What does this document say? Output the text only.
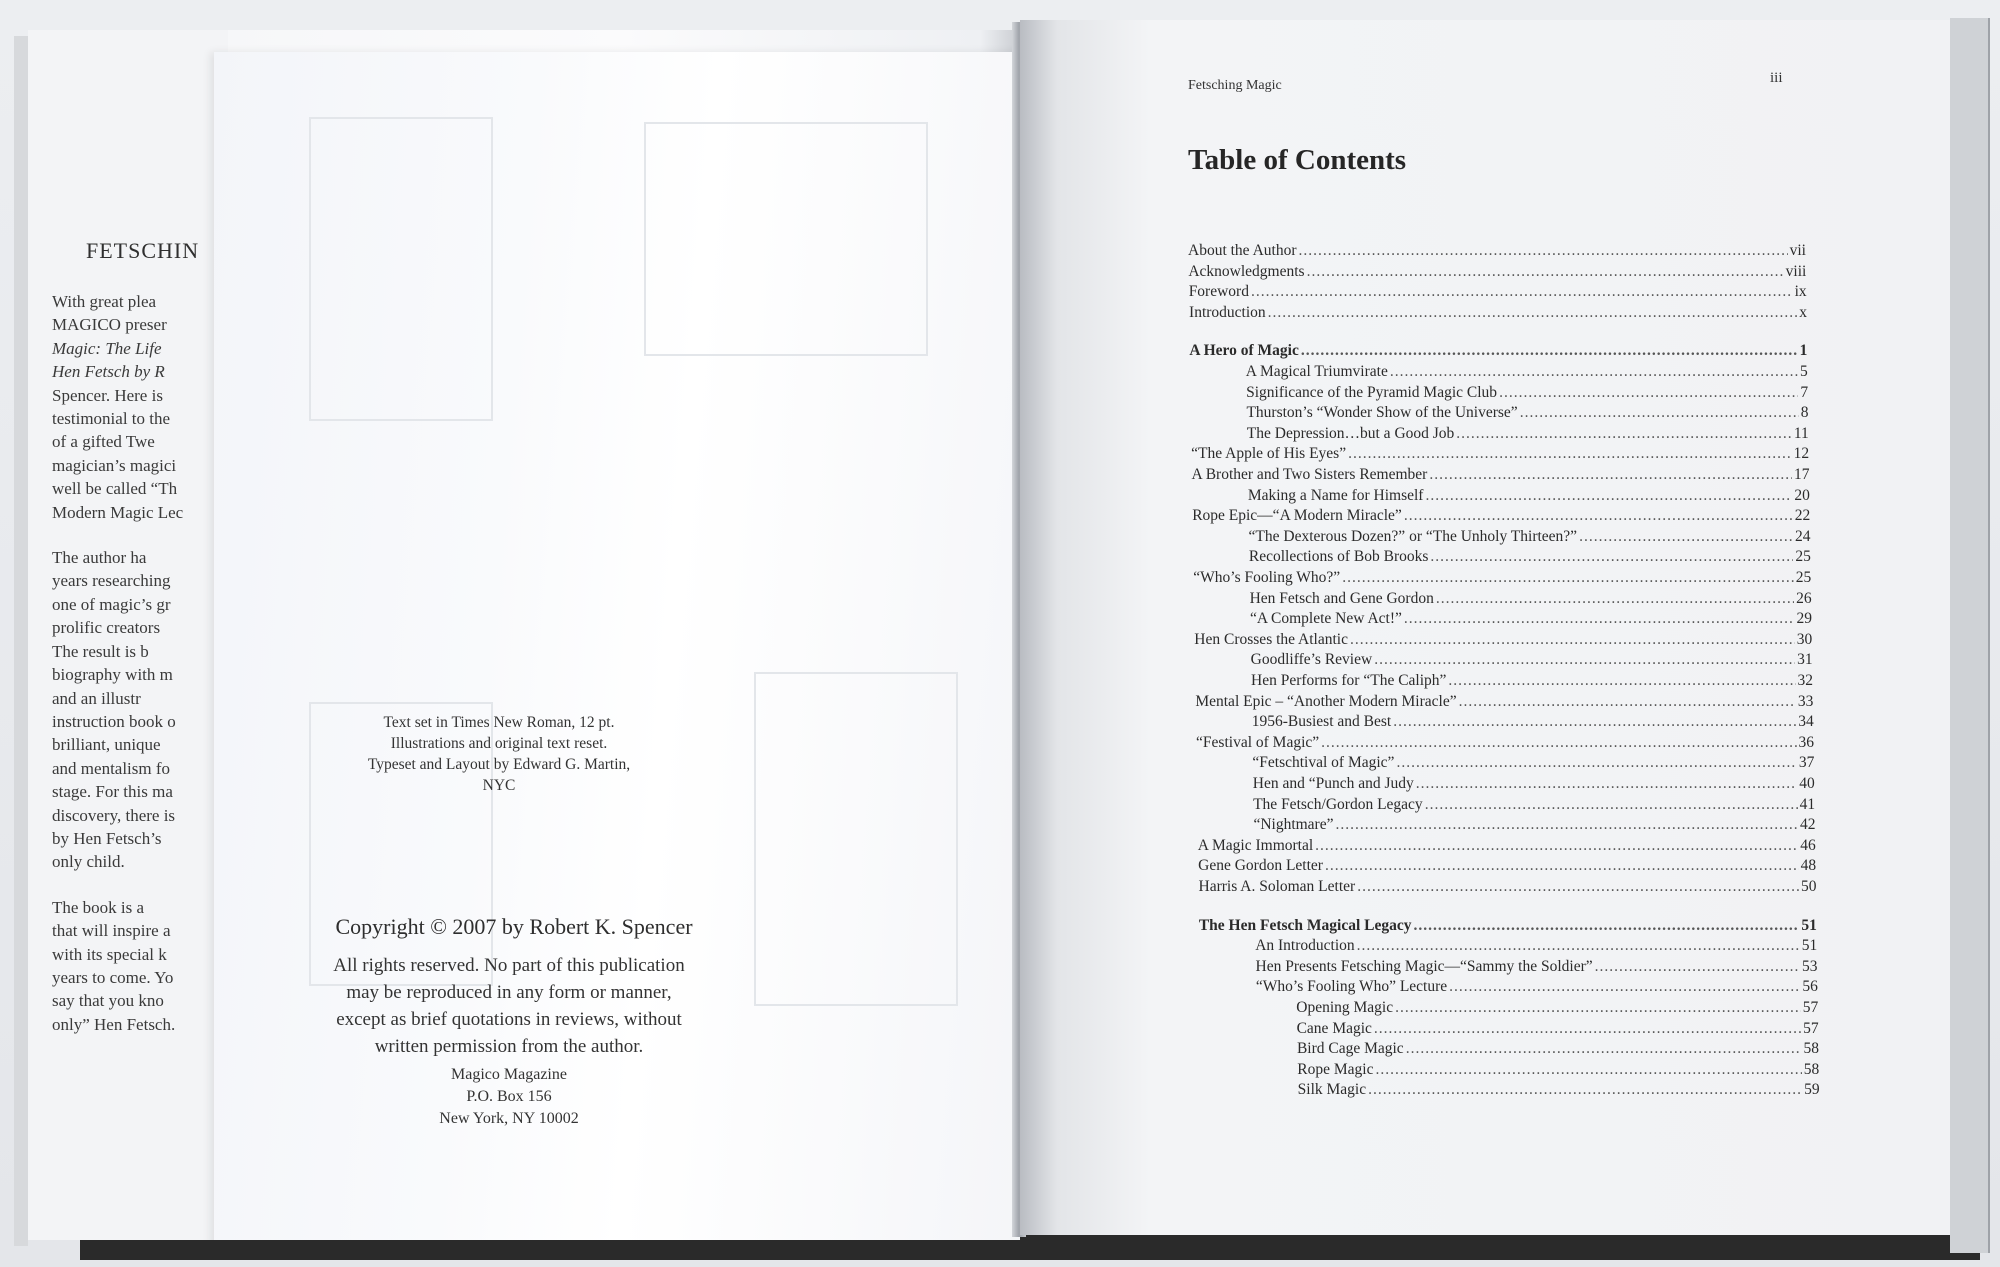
FETSCHIN

With great plea
MAGICO preser
Magic: The Life
Hen Fetsch by R
Spencer. Here is
testimonial to the
of a gifted Twe
magician’s magici
well be called “Th
Modern Magic Lec

The author ha
years researching
one of magic’s gr
prolific creators
The result is b
biography with m
and an illustr
instruction book o
brilliant, unique
and mentalism fo
stage. For this ma
discovery, there is
by Hen Fetsch’s
only child.

The book is a
that will inspire a
with its special k
years to come. Yo
say that you kno
only” Hen Fetsch.

Text set in Times New Roman, 12 pt.
Illustrations and original text reset.
Typeset and Layout by Edward G. Martin, NYC
Copyright © 2007 by Robert K. Spencer
All rights reserved. No part of this publication
may be reproduced in any form or manner,
except as brief quotations in reviews, without
written permission from the author.
Magico Magazine
P.O. Box 156
New York, NY 10002
Fetsching Magic	iii
Table of Contents
About the Author .....	vii
Acknowledgments .....	viii
Foreword .....	ix
Introduction .....	x
A Hero of Magic .....	1
A Magical Triumvirate .....	5
Significance of the Pyramid Magic Club .....	7
Thurston’s “Wonder Show of the Universe” .....	8
The Depression…but a Good Job .....	11
“The Apple of His Eyes” .....	12
A Brother and Two Sisters Remember .....	17
Making a Name for Himself .....	20
Rope Epic—“A Modern Miracle” .....	22
“The Dexterous Dozen?” or “The Unholy Thirteen?” .....	24
Recollections of Bob Brooks .....	25
“Who’s Fooling Who?” .....	25
Hen Fetsch and Gene Gordon .....	26
“A Complete New Act!” .....	29
Hen Crosses the Atlantic .....	30
Goodliffe’s Review .....	31
Hen Performs for “The Caliph” .....	32
Mental Epic – “Another Modern Miracle” .....	33
1956-Busiest and Best .....	34
“Festival of Magic” .....	36
“Fetschtival of Magic” .....	37
Hen and “Punch and Judy .....	40
The Fetsch/Gordon Legacy .....	41
“Nightmare” .....	42
A Magic Immortal .....	46
Gene Gordon Letter .....	48
Harris A. Soloman Letter .....	50
The Hen Fetsch Magical Legacy .....	51
An Introduction .....	51
Hen Presents Fetsching Magic—“Sammy the Soldier” .....	53
“Who’s Fooling Who” Lecture .....	56
Opening Magic .....	57
Cane Magic .....	57
Bird Cage Magic .....	58
Rope Magic .....	58
Silk Magic .....	59
